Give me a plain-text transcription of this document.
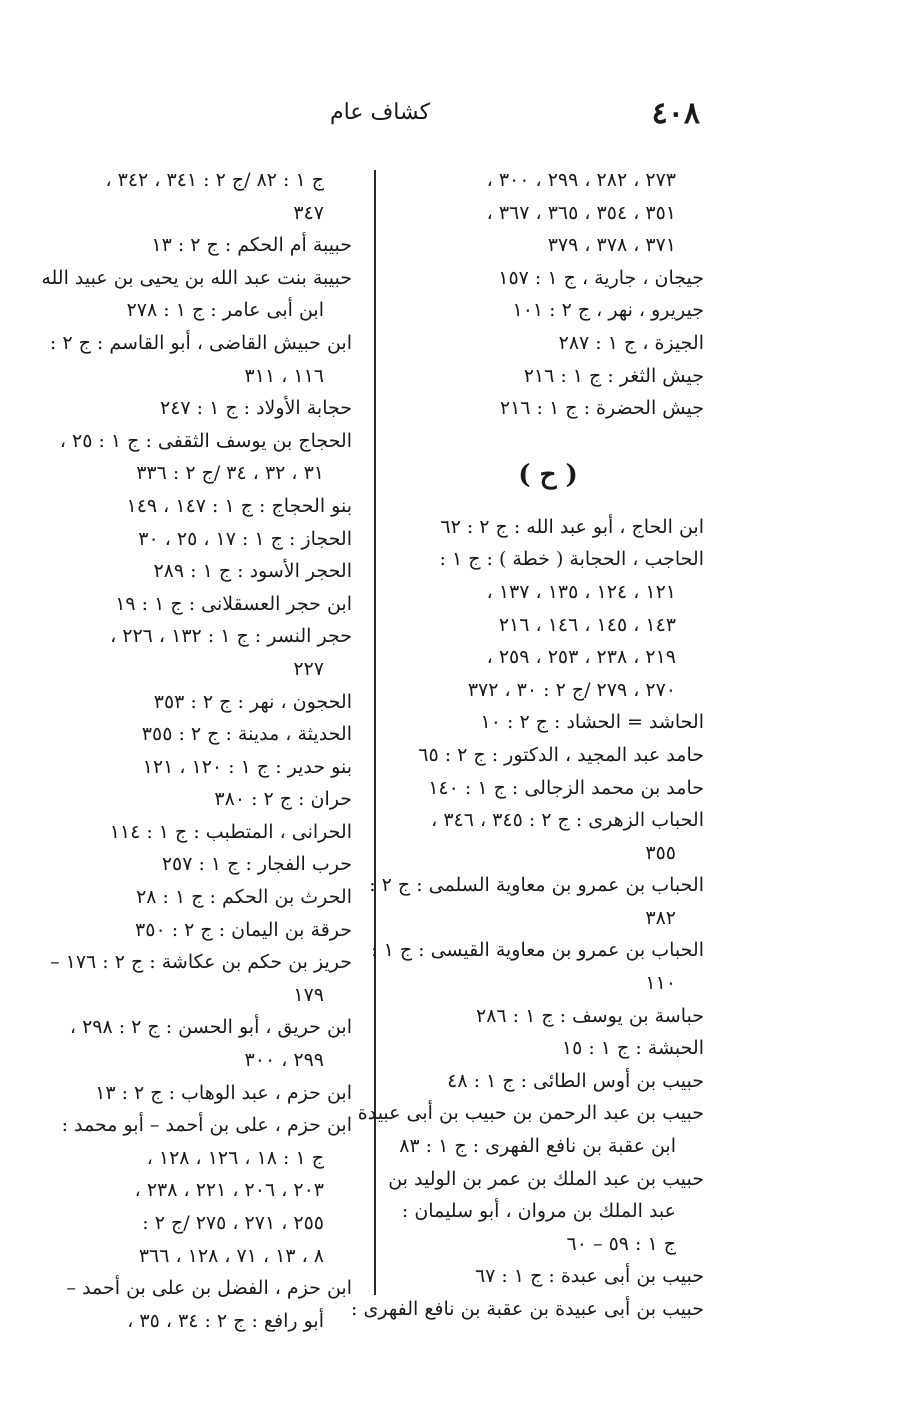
٤٠٨
كشاف عام
٢٧٣ ، ٢٨٢ ، ٢٩٩ ، ٣٠٠ ،
٣٥١ ، ٣٥٤ ، ٣٦٥ ، ٣٦٧ ،
٣٧١ ، ٣٧٨ ، ٣٧٩
جيجان ، جارية ، ج ١ : ١٥٧
جيريرو ، نهر ، ج ٢ : ١٠١
الجيزة ، ج ١ : ٢٨٧
جيش الثغر : ج ١ : ٢١٦
جيش الحضرة : ج ١ : ٢١٦
( ح )
ابن الحاج ، أبو عبد الله : ج ٢ : ٦٢
الحاجب ، الحجابة ( خطة ) : ج ١ :
١٢١ ، ١٢٤ ، ١٣٥ ، ١٣٧ ،
١٤٣ ، ١٤٥ ، ١٤٦ ، ٢١٦
٢١٩ ، ٢٣٨ ، ٢٥٣ ، ٢٥٩ ،
٢٧٠ ، ٢٧٩ /ج ٢ : ٣٠ ، ٣٧٢
الحاشد = الحشاد : ج ٢ : ١٠
حامد عبد المجيد ، الدكتور : ج ٢ : ٦٥
حامد بن محمد الزجالى : ج ١ : ١٤٠
الحباب الزهرى : ج ٢ : ٣٤٥ ، ٣٤٦ ،
٣٥٥
الحباب بن عمرو بن معاوية السلمى : ج ٢ :
٣٨٢
الحباب بن عمرو بن معاوية القيسى : ج ١ :
١١٠
حباسة بن يوسف : ج ١ : ٢٨٦
الحبشة : ج ١ : ١٥
حبيب بن أوس الطائى : ج ١ : ٤٨
حبيب بن عبد الرحمن بن حبيب بن أبى عبيدة
ابن عقبة بن نافع الفهرى : ج ١ : ٨٣
حبيب بن عبد الملك بن عمر بن الوليد بن
عبد الملك بن مروان ، أبو سليمان :
ج ١ : ٥٩ – ٦٠
حبيب بن أبى عبدة : ج ١ : ٦٧
حبيب بن أبى عبيدة بن عقبة بن نافع الفهرى :
ج ١ : ٨٢ /ج ٢ : ٣٤١ ، ٣٤٢ ،
٣٤٧
حبيبة أم الحكم : ج ٢ : ١٣
حبيبة بنت عبد الله بن يحيى بن عبيد الله
ابن أبى عامر : ج ١ : ٢٧٨
ابن حبيش القاضى ، أبو القاسم : ج ٢ :
١١٦ ، ٣١١
حجابة الأولاد : ج ١ : ٢٤٧
الحجاج بن يوسف الثقفى : ج ١ : ٢٥ ،
٣١ ، ٣٢ ، ٣٤ /ج ٢ : ٣٣٦
بنو الحجاج : ج ١ : ١٤٧ ، ١٤٩
الحجاز : ج ١ : ١٧ ، ٢٥ ، ٣٠
الحجر الأسود : ج ١ : ٢٨٩
ابن حجر العسقلانى : ج ١ : ١٩
حجر النسر : ج ١ : ١٣٢ ، ٢٢٦ ،
٢٢٧
الحجون ، نهر : ج ٢ : ٣٥٣
الحديثة ، مدينة : ج ٢ : ٣٥٥
بنو حدير : ج ١ : ١٢٠ ، ١٢١
حران : ج ٢ : ٣٨٠
الحرانى ، المتطبب : ج ١ : ١١٤
حرب الفجار : ج ١ : ٢٥٧
الحرث بن الحكم : ج ١ : ٢٨
حرقة بن اليمان : ج ٢ : ٣٥٠
حريز بن حكم بن عكاشة : ج ٢ : ١٧٦ –
١٧٩
ابن حريق ، أبو الحسن : ج ٢ : ٢٩٨ ،
٢٩٩ ، ٣٠٠
ابن حزم ، عبد الوهاب : ج ٢ : ١٣
ابن حزم ، على بن أحمد – أبو محمد :
ج ١ : ١٨ ، ١٢٦ ، ١٢٨ ،
٢٠٣ ، ٢٠٦ ، ٢٢١ ، ٢٣٨ ،
٢٥٥ ، ٢٧١ ، ٢٧٥ /ج ٢ :
٨ ، ١٣ ، ٧١ ، ١٢٨ ، ٣٦٦
ابن حزم ، الفضل بن على بن أحمد –
أبو رافع : ج ٢ : ٣٤ ، ٣٥ ،
